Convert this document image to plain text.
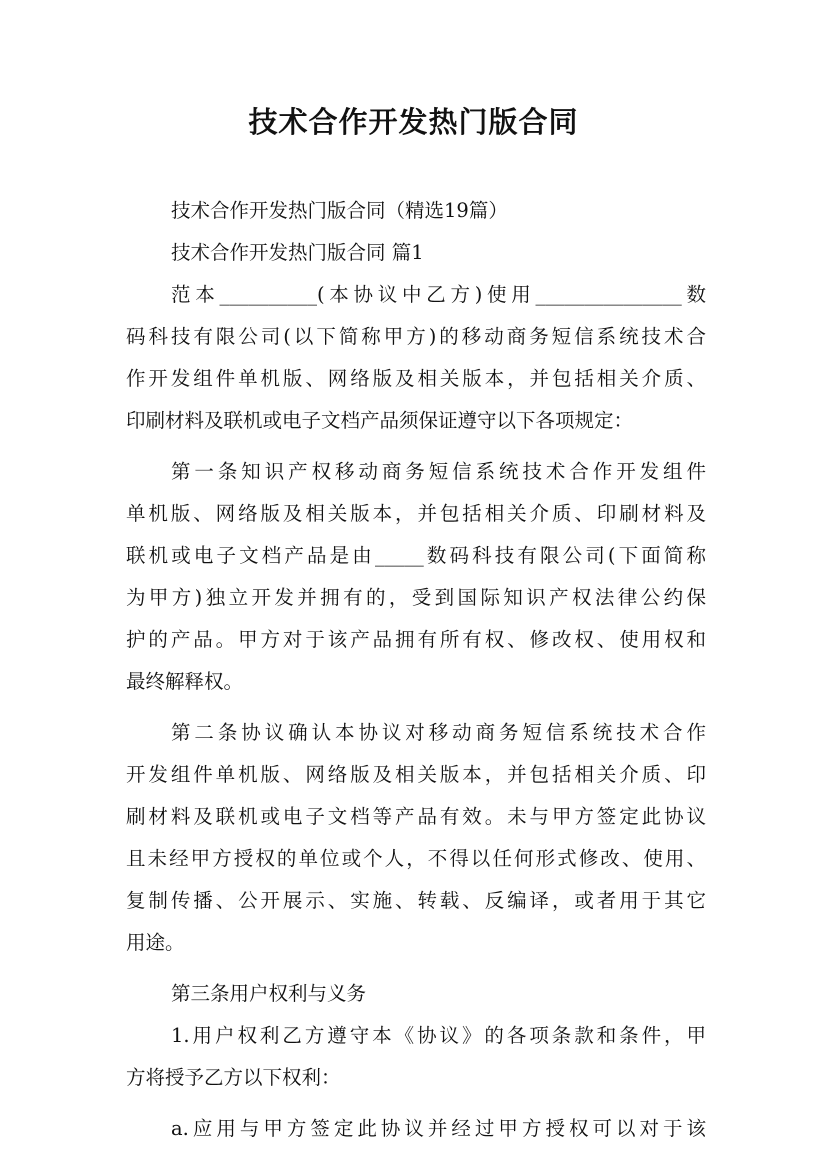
技术合作开发热门版合同
技术合作开发热门版合同（精选19篇）
技术合作开发热门版合同 篇1
范本__________(本协议中乙方)使用_______________数
码科技有限公司(以下简称甲方)的移动商务短信系统技术合
作开发组件单机版、网络版及相关版本，并包括相关介质、
印刷材料及联机或电子文档产品须保证遵守以下各项规定：
第一条知识产权移动商务短信系统技术合作开发组件
单机版、网络版及相关版本，并包括相关介质、印刷材料及
联机或电子文档产品是由_____数码科技有限公司(下面简称
为甲方)独立开发并拥有的，受到国际知识产权法律公约保
护的产品。甲方对于该产品拥有所有权、修改权、使用权和
最终解释权。
第二条协议确认本协议对移动商务短信系统技术合作
开发组件单机版、网络版及相关版本，并包括相关介质、印
刷材料及联机或电子文档等产品有效。未与甲方签定此协议
且未经甲方授权的单位或个人，不得以任何形式修改、使用、
复制传播、公开展示、实施、转载、反编译，或者用于其它
用途。
第三条用户权利与义务
1.用户权利乙方遵守本《协议》的各项条款和条件，甲
方将授予乙方以下权利：
a.应用与甲方签定此协议并经过甲方授权可以对于该
